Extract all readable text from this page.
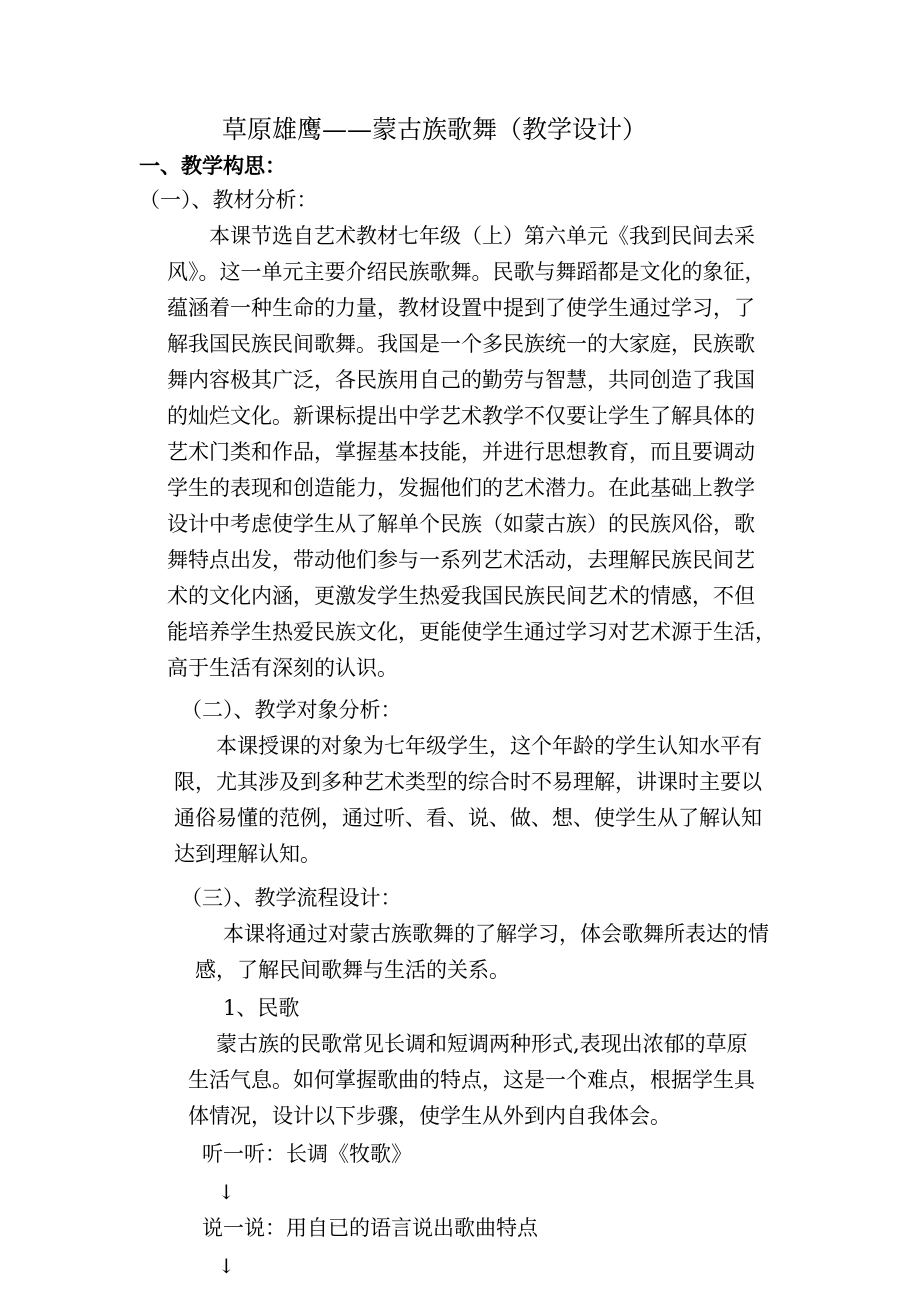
草原雄鹰——蒙古族歌舞（教学设计）
一、教学构思：
（一）、教材分析：
本课节选自艺术教材七年级（上）第六单元《我到民间去采
风》。这一单元主要介绍民族歌舞。民歌与舞蹈都是文化的象征，
蕴涵着一种生命的力量，教材设置中提到了使学生通过学习，了
解我国民族民间歌舞。我国是一个多民族统一的大家庭，民族歌
舞内容极其广泛，各民族用自己的勤劳与智慧，共同创造了我国
的灿烂文化。新课标提出中学艺术教学不仅要让学生了解具体的
艺术门类和作品，掌握基本技能，并进行思想教育，而且要调动
学生的表现和创造能力，发掘他们的艺术潜力。在此基础上教学
设计中考虑使学生从了解单个民族（如蒙古族）的民族风俗，歌
舞特点出发，带动他们参与一系列艺术活动，去理解民族民间艺
术的文化内涵，更激发学生热爱我国民族民间艺术的情感，不但
能培养学生热爱民族文化，更能使学生通过学习对艺术源于生活，
高于生活有深刻的认识。
（二）、教学对象分析：
本课授课的对象为七年级学生，这个年龄的学生认知水平有
限，尤其涉及到多种艺术类型的综合时不易理解，讲课时主要以
通俗易懂的范例，通过听、看、说、做、想、使学生从了解认知
达到理解认知。
（三）、教学流程设计：
本课将通过对蒙古族歌舞的了解学习，体会歌舞所表达的情
感，了解民间歌舞与生活的关系。
1、民歌
蒙古族的民歌常见长调和短调两种形式,表现出浓郁的草原
生活气息。如何掌握歌曲的特点，这是一个难点，根据学生具
体情况，设计以下步骤，使学生从外到内自我体会。
听一听：长调《牧歌》
↓
说一说：用自已的语言说出歌曲特点
↓
